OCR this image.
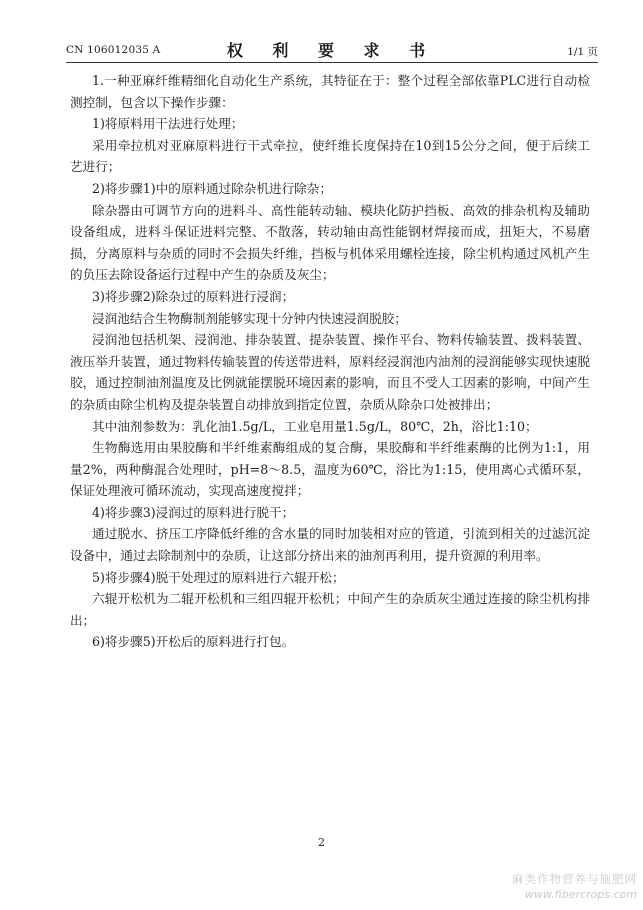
CN 106012035 A	权 利 要 求 书	1/1 页

1.一种亚麻纤维精细化自动化生产系统，其特征在于：整个过程全部依靠PLC进行自动检测控制，包含以下操作步骤：

1)将原料用干法进行处理；

采用牵拉机对亚麻原料进行干式牵拉，使纤维长度保持在10到15公分之间，便于后续工艺进行；

2)将步骤1)中的原料通过除杂机进行除杂；

除杂器由可调节方向的进料斗、高性能转动轴、模块化防护挡板、高效的排杂机构及辅助设备组成，进料斗保证进料完整、不散落，转动轴由高性能钢材焊接而成，扭矩大，不易磨损，分离原料与杂质的同时不会损失纤维，挡板与机体采用螺栓连接，除尘机构通过风机产生的负压去除设备运行过程中产生的杂质及灰尘；

3)将步骤2)除杂过的原料进行浸润；

浸润池结合生物酶制剂能够实现十分钟内快速浸润脱胶；

浸润池包括机架、浸润池、排杂装置、提杂装置、操作平台、物料传输装置、拨料装置、液压举升装置，通过物料传输装置的传送带进料，原料经浸润池内油剂的浸润能够实现快速脱胶，通过控制油剂温度及比例就能摆脱环境因素的影响，而且不受人工因素的影响，中间产生的杂质由除尘机构及提杂装置自动排放到指定位置，杂质从除杂口处被排出；

其中油剂参数为：乳化油1.5g/L，工业皂用量1.5g/L，80℃，2h，浴比1:10；

生物酶选用由果胶酶和半纤维素酶组成的复合酶，果胶酶和半纤维素酶的比例为1:1，用量2%，两种酶混合处理时，pH=8～8.5，温度为60℃，浴比为1:15，使用离心式循环泵，保证处理液可循环流动，实现高速度搅拌；

4)将步骤3)浸润过的原料进行脱干；

通过脱水、挤压工序降低纤维的含水量的同时加装相对应的管道，引流到相关的过滤沉淀设备中，通过去除制剂中的杂质，让这部分挤出来的油剂再利用，提升资源的利用率。

5)将步骤4)脱干处理过的原料进行六辊开松；

六辊开松机为二辊开松机和三组四辊开松机；中间产生的杂质灰尘通过连接的除尘机构排出；

6)将步骤5)开松后的原料进行打包。

2
麻类作物营养与施肥网
www.fibercrops.com
